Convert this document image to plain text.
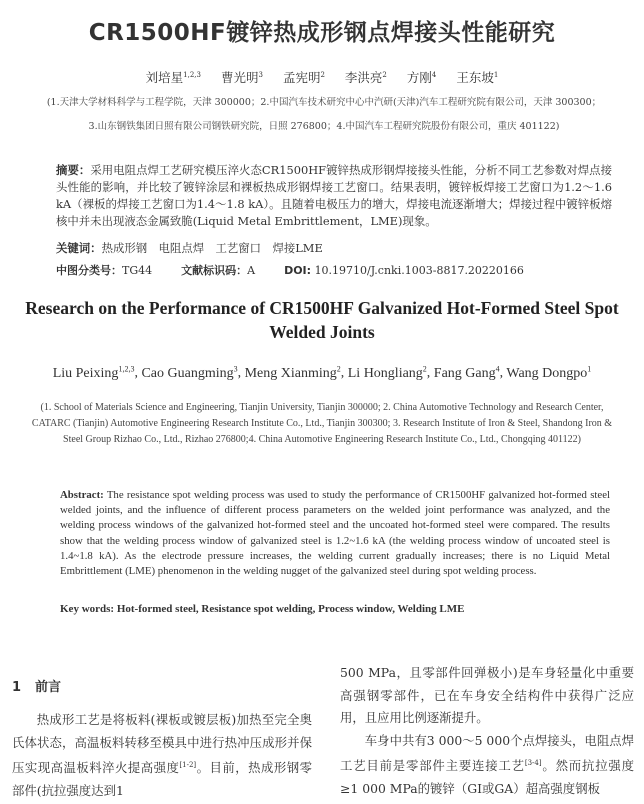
CR1500HF镀锌热成形钢点焊接头性能研究
刘培星$^{1,2,3}$ 曹光明$^3$ 孟宪明$^2$ 李洪亮$^2$ 方刚$^4$ 王东坡$^1$
(1.天津大学材料科学与工程学院，天津 300000；2.中国汽车技术研究中心中汽研(天津)汽车工程研究院有限公司，天津 300300；
3.山东钢铁集团日照有限公司钢铁研究院，日照 276800；4.中国汽车工程研究院股份有限公司，重庆 401122)
摘要：采用电阻点焊工艺研究模压淬火态CR1500HF镀锌热成形钢焊接接头性能，分析不同工艺参数对焊点接头性能的影响，并比较了镀锌涂层和裸板热成形钢焊接工艺窗口。结果表明，镀锌板焊接工艺窗口为1.2～1.6 kA（裸板的焊接工艺窗口为1.4～1.8 kA）。且随着电极压力的增大，焊接电流逐渐增大；焊接过程中镀锌板熔核中并未出现液态金属致脆(Liquid Metal Embrittlement，LME)现象。
关键词：热成形钢　电阻点焊　工艺窗口　焊接LME
中图分类号：TG44	文献标识码：A	DOI: 10.19710/J.cnki.1003-8817.20220166
Research on the Performance of CR1500HF Galvanized Hot-Formed Steel Spot Welded Joints
Liu Peixing$^{1,2,3}$, Cao Guangming$^3$, Meng Xianming$^2$, Li Hongliang$^2$, Fang Gang$^4$, Wang Dongpo$^1$
(1. School of Materials Science and Engineering, Tianjin University, Tianjin 300000; 2. China Automotive Technology and Research Center, CATARC (Tianjin) Automotive Engineering Research Institute Co., Ltd., Tianjin 300300; 3. Research Institute of Iron & Steel, Shandong Iron & Steel Group Rizhao Co., Ltd., Rizhao 276800;4. China Automotive Engineering Research Institute Co., Ltd., Chongqing 401122)
Abstract: The resistance spot welding process was used to study the performance of CR1500HF galvanized hot-formed steel welded joints, and the influence of different process parameters on the welded joint performance was analyzed, and the welding process windows of the galvanized hot-formed steel and the uncoated hot-formed steel were compared. The results show that the welding process window of galvanized steel is 1.2~1.6 kA (the welding process window of uncoated steel is 1.4~1.8 kA). As the electrode pressure increases, the welding current gradually increases; there is no Liquid Metal Embrittlement (LME) phenomenon in the welding nugget of the galvanized steel during spot welding process.
Key words: Hot-formed steel, Resistance spot welding, Process window, Welding LME
1 前言
热成形工艺是将板料(裸板或镀层板)加热至完全奥氏体状态，高温板料转移至模具中进行热冲压成形并保压实现高温板料淬火提高强度[1-2]。目前，热成形钢零部件(抗拉强度达到1
500 MPa，且零部件回弹极小)是车身轻量化中重要高强钢零部件，已在车身安全结构件中获得广泛应用，且应用比例逐渐提升。
车身中共有3 000～5 000个点焊接头，电阻点焊工艺目前是零部件主要连接工艺[3-4]。然而抗拉强度≥1 000 MPa的镀锌（GI或GA）超高强度钢板
